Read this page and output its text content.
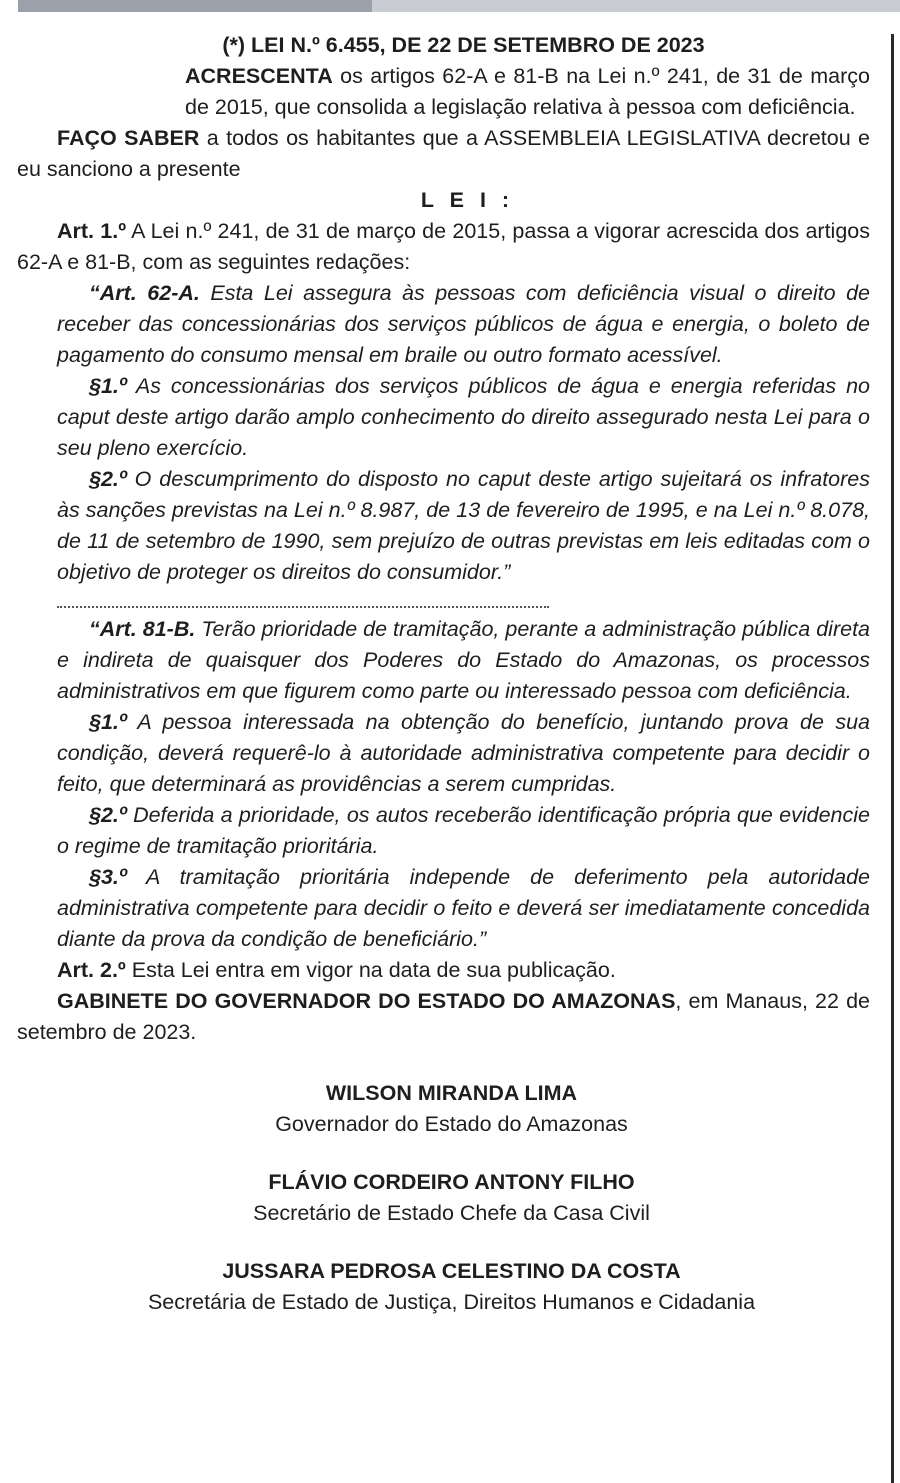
(*) LEI N.º 6.455, DE 22 DE SETEMBRO DE 2023

ACRESCENTA os artigos 62-A e 81-B na Lei n.º 241, de 31 de março de 2015, que consolida a legislação relativa à pessoa com deficiência.

FAÇO SABER a todos os habitantes que a ASSEMBLEIA LEGISLATIVA decretou e eu sanciono a presente

L E I :

Art. 1.º A Lei n.º 241, de 31 de março de 2015, passa a vigorar acrescida dos artigos 62-A e 81-B, com as seguintes redações:

“Art. 62-A. Esta Lei assegura às pessoas com deficiência visual o direito de receber das concessionárias dos serviços públicos de água e energia, o boleto de pagamento do consumo mensal em braile ou outro formato acessível.

§1.º As concessionárias dos serviços públicos de água e energia referidas no caput deste artigo darão amplo conhecimento do direito assegurado nesta Lei para o seu pleno exercício.

§2.º O descumprimento do disposto no caput deste artigo sujeitará os infratores às sanções previstas na Lei n.º 8.987, de 13 de fevereiro de 1995, e na Lei n.º 8.078, de 11 de setembro de 1990, sem prejuízo de outras previstas em leis editadas com o objetivo de proteger os direitos do consumidor.”

“Art. 81-B. Terão prioridade de tramitação, perante a administração pública direta e indireta de quaisquer dos Poderes do Estado do Amazonas, os processos administrativos em que figurem como parte ou interessado pessoa com deficiência.

§1.º A pessoa interessada na obtenção do benefício, juntando prova de sua condição, deverá requerê-lo à autoridade administrativa competente para decidir o feito, que determinará as providências a serem cumpridas.

§2.º Deferida a prioridade, os autos receberão identificação própria que evidencie o regime de tramitação prioritária.

§3.º A tramitação prioritária independe de deferimento pela autoridade administrativa competente para decidir o feito e deverá ser imediatamente concedida diante da prova da condição de beneficiário.”

Art. 2.º Esta Lei entra em vigor na data de sua publicação.

GABINETE DO GOVERNADOR DO ESTADO DO AMAZONAS, em Manaus, 22 de setembro de 2023.

WILSON MIRANDA LIMA

Governador do Estado do Amazonas

FLÁVIO CORDEIRO ANTONY FILHO

Secretário de Estado Chefe da Casa Civil

JUSSARA PEDROSA CELESTINO DA COSTA

Secretária de Estado de Justiça, Direitos Humanos e Cidadania
